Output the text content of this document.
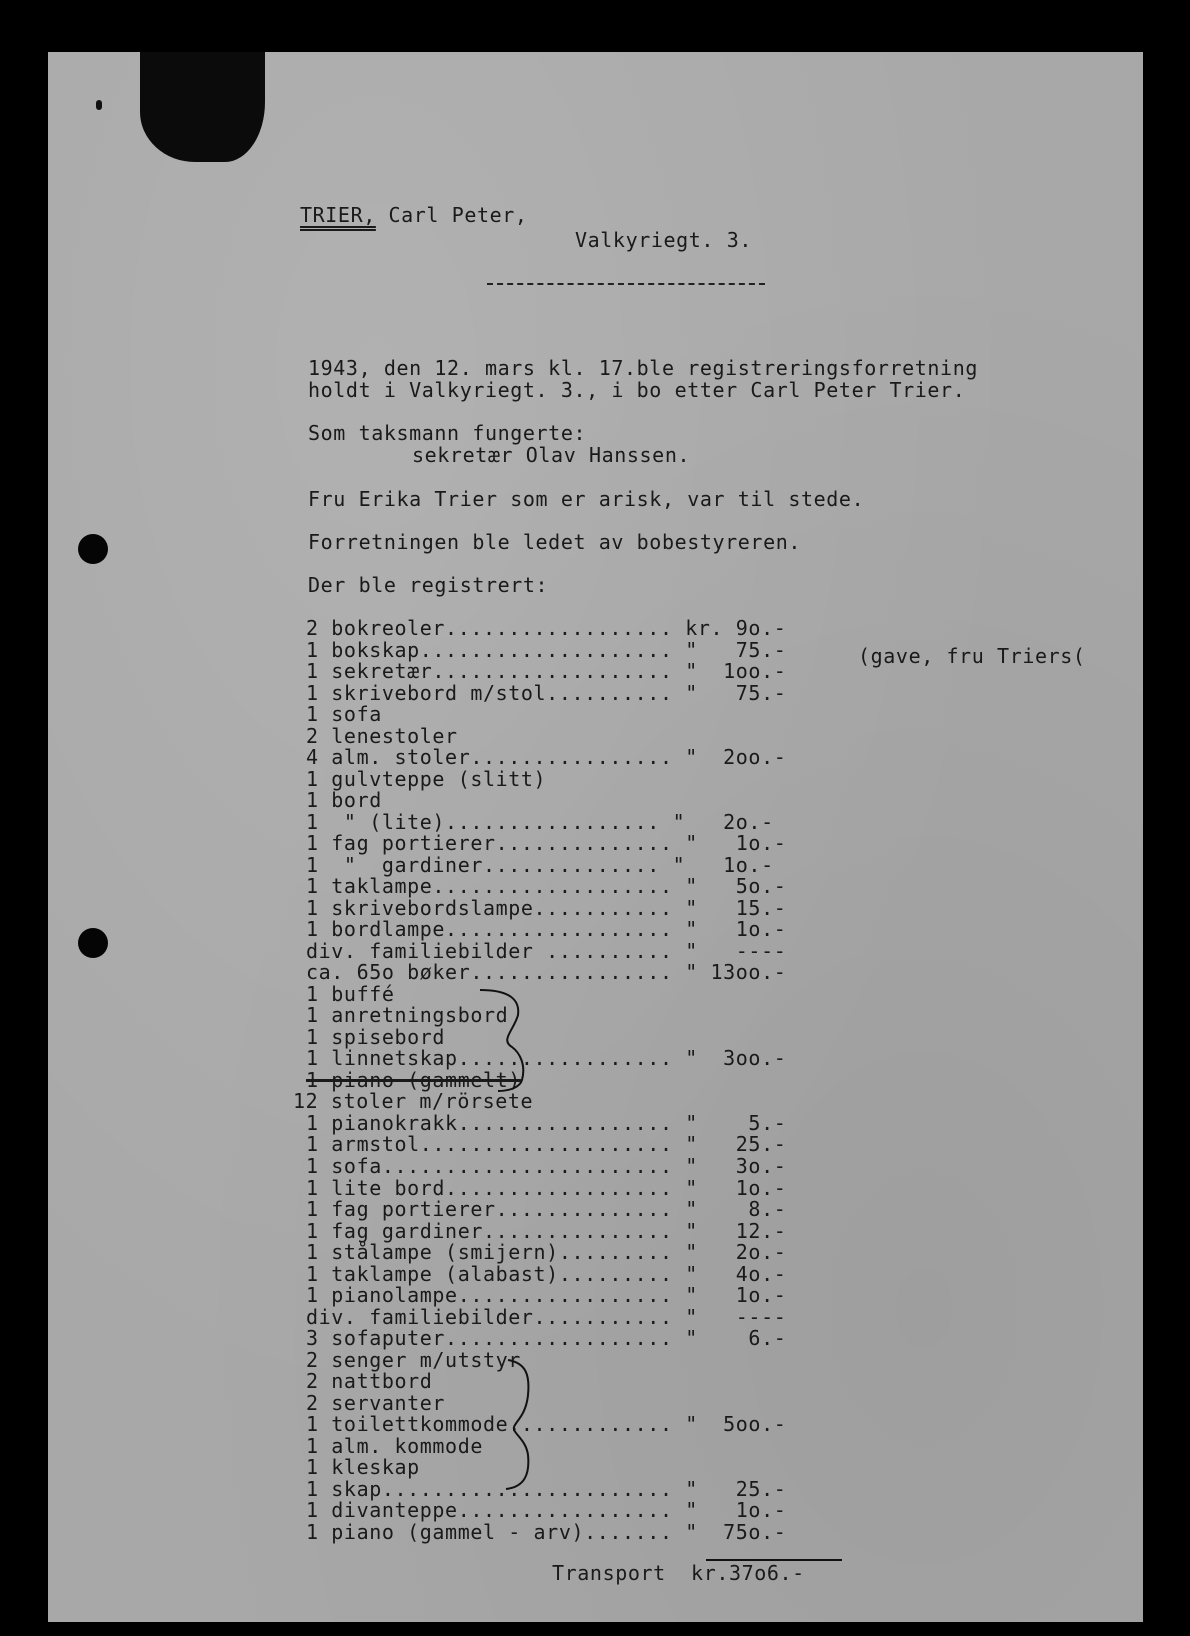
TRIER, Carl Peter,
Valkyriegt. 3.
1943, den 12. mars kl. 17.ble registreringsforretning
holdt i Valkyriegt. 3., i bo etter Carl Peter Trier.
Som taksmann fungerte:
sekretær Olav Hanssen.
Fru Erika Trier som er arisk, var til stede.
Forretningen ble ledet av bobestyreren.
Der ble registrert:
(gave, fru Triers(
2 bokreoler.................. kr. 9o.-
1 bokskap.................... "   75.-
1 sekretær................... "  1oo.-
1 skrivebord m/stol.......... "   75.-
1 sofa
2 lenestoler
4 alm. stoler................ "  2oo.-
1 gulvteppe (slitt)
1 bord
1  " (lite)................. "   2o.-
1 fag portierer.............. "   1o.-
1  "  gardiner.............. "   1o.-
1 taklampe................... "   5o.-
1 skrivebordslampe........... "   15.-
1 bordlampe.................. "   1o.-
div. familiebilder .......... "   ----
ca. 65o bøker................ " 13oo.-
1 buffé
1 anretningsbord
1 spisebord
1 linnetskap................. "  3oo.-
1 piano (gammelt)
12 stoler m/rörsete
1 pianokrakk................. "    5.-
1 armstol.................... "   25.-
1 sofa....................... "   3o.-
1 lite bord.................. "   1o.-
1 fag portierer.............. "    8.-
1 fag gardiner............... "   12.-
1 stålampe (smijern)......... "   2o.-
1 taklampe (alabast)......... "   4o.-
1 pianolampe................. "   1o.-
div. familiebilder........... "   ----
3 sofaputer.................. "    6.-
2 senger m/utstyr
2 nattbord
2 servanter
1 toilettkommode............. "  5oo.-
1 alm. kommode
1 kleskap
1 skap....................... "   25.-
1 divanteppe................. "   1o.-
1 piano (gammel - arv)....... "  75o.-
Transport  kr.37o6.-
